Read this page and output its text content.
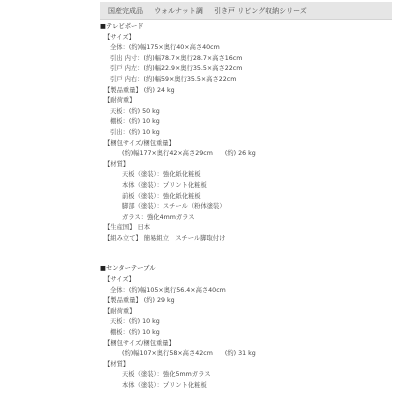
国産完成品 ウォルナット調 引き戸 リビング収納シリーズ
■テレビボード
【サイズ】
全体：(約)幅175×奥行40×高さ40cm
引出 内寸：(約)幅78.7×奥行28.7×高さ16cm
引戸 内左：(約)幅22.9×奥行35.5×高さ22cm
引戸 内右：(約)幅59×奥行35.5×高さ22cm
【製品重量】 (約) 24 kg
【耐荷重】
天板：(約) 50 kg
棚板：(約) 10 kg
引出：(約) 10 kg
【梱包サイズ/梱包重量】
(約)幅177×奥行42×高さ29cm (約) 26 kg
【材質】
天板（塗装）：強化紙化粧板
本体（塗装）：プリント化粧板
前板（塗装）：強化紙化粧板
脚部（塗装）：スチール（粉体塗装）
ガラス：強化4mmガラス
【生産国】 日本
【組み立て】 簡易組立　スチール脚取付け
■センターテーブル
【サイズ】
全体：(約)幅105×奥行56.4×高さ40cm
【製品重量】 (約) 29 kg
【耐荷重】
天板：(約) 10 kg
棚板：(約) 10 kg
【梱包サイズ/梱包重量】
(約)幅107×奥行58×高さ42cm (約) 31 kg
【材質】
天板（塗装）：強化5mmガラス
本体（塗装）：プリント化粧板
